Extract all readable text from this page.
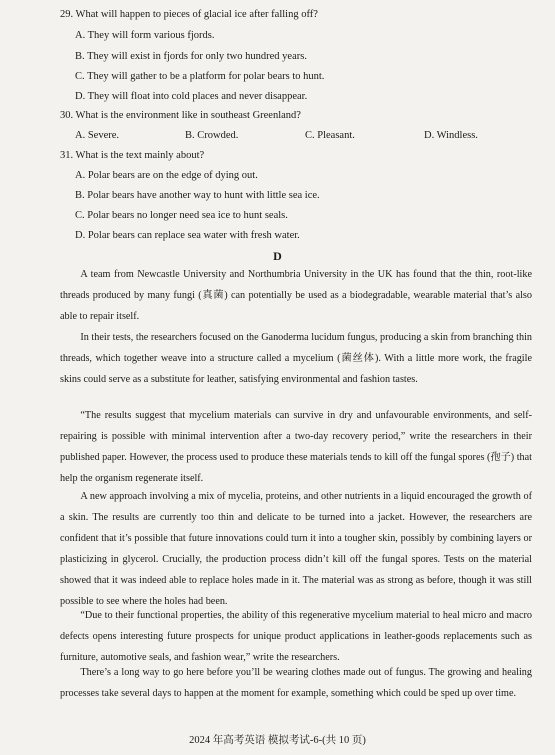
29. What will happen to pieces of glacial ice after falling off?
A. They will form various fjords.
B. They will exist in fjords for only two hundred years.
C. They will gather to be a platform for polar bears to hunt.
D. They will float into cold places and never disappear.
30. What is the environment like in southeast Greenland?
A. Severe.	B. Crowded.	C. Pleasant.	D. Windless.
31. What is the text mainly about?
A. Polar bears are on the edge of dying out.
B. Polar bears have another way to hunt with little sea ice.
C. Polar bears no longer need sea ice to hunt seals.
D. Polar bears can replace sea water with fresh water.
D

A team from Newcastle University and Northumbria University in the UK has found that the thin, root-like threads produced by many fungi (真菌) can potentially be used as a biodegradable, wearable material that’s also able to repair itself.

In their tests, the researchers focused on the Ganoderma lucidum fungus, producing a skin from branching thin threads, which together weave into a structure called a mycelium (菌丝体). With a little more work, the fragile skins could serve as a substitute for leather, satisfying environmental and fashion tastes.

“The results suggest that mycelium materials can survive in dry and unfavourable environments, and self-repairing is possible with minimal intervention after a two-day recovery period,” write the researchers in their published paper. However, the process used to produce these materials tends to kill off the fungal spores (孢子) that help the organism regenerate itself.

A new approach involving a mix of mycelia, proteins, and other nutrients in a liquid encouraged the growth of a skin. The results are currently too thin and delicate to be turned into a jacket. However, the researchers are confident that it’s possible that future innovations could turn it into a tougher skin, possibly by combining layers or plasticizing in glycerol. Crucially, the production process didn’t kill off the fungal spores. Tests on the material showed that it was indeed able to replace holes made in it. The material was as strong as before, though it was still possible to see where the holes had been.

“Due to their functional properties, the ability of this regenerative mycelium material to heal micro and macro defects opens interesting future prospects for unique product applications in leather-goods replacements such as furniture, automotive seals, and fashion wear,” write the researchers.

There’s a long way to go here before you’ll be wearing clothes made out of fungus. The growing and healing processes take several days to happen at the moment for example, something which could be sped up over time.

2024 年高考英语 模拟考试-6-(共 10 页)
